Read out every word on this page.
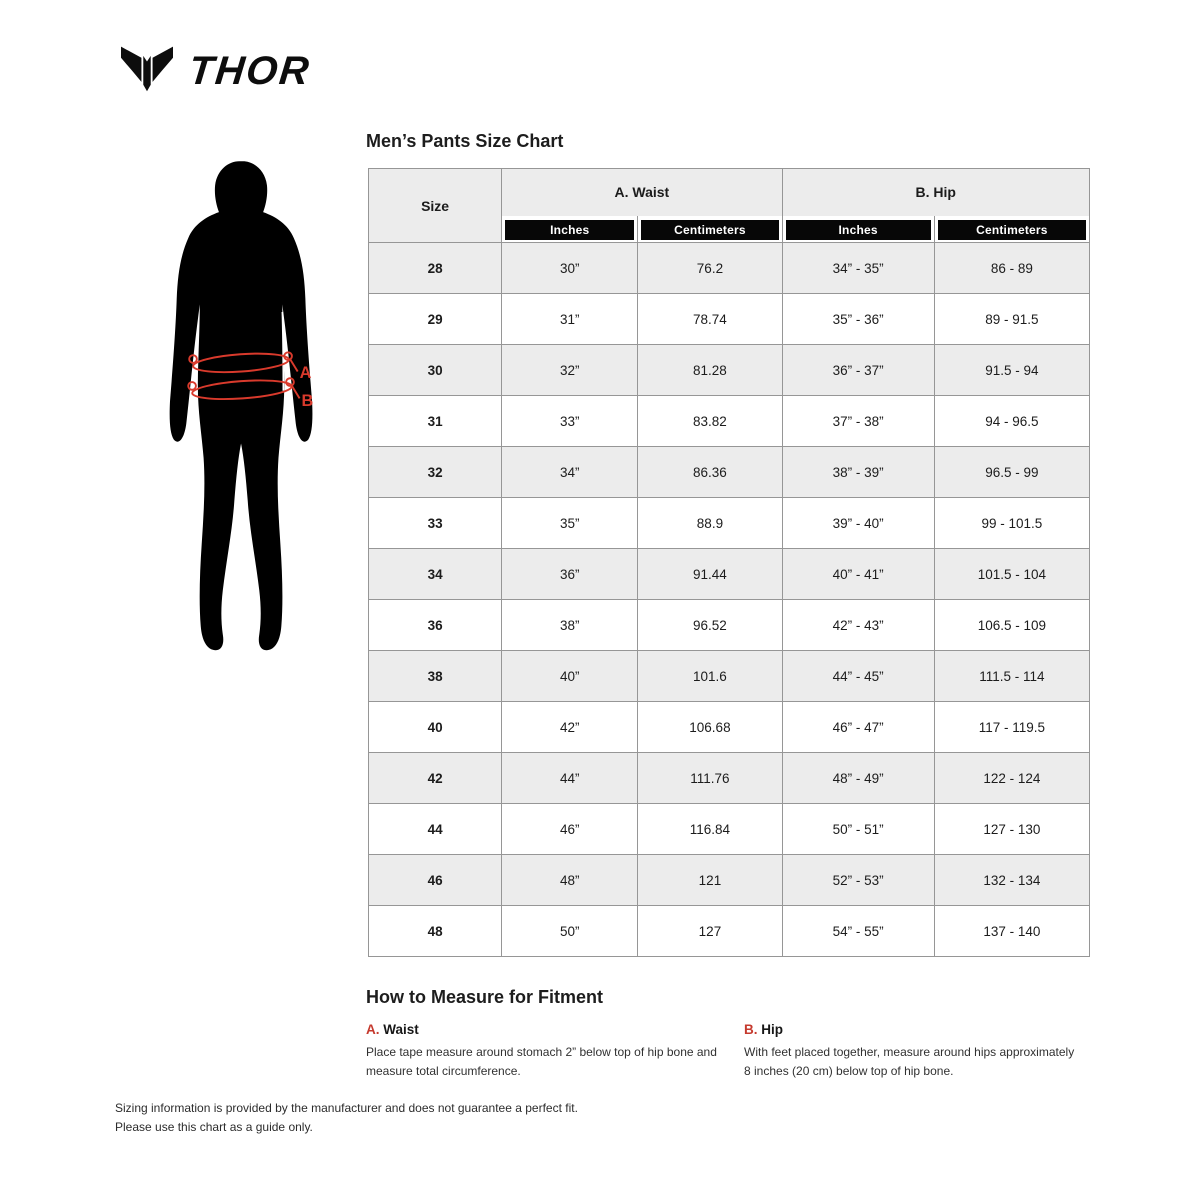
THOR
A
B
Men’s Pants Size Chart
Size	A. Waist		B. Hip	

	Inches	Centimeters	Inches	Centimeters

28	30”	76.2	34” - 35”	86 - 89
29	31”	78.74	35” - 36”	89 - 91.5
30	32”	81.28	36” - 37”	91.5 - 94
31	33”	83.82	37” - 38”	94 - 96.5
32	34”	86.36	38” - 39”	96.5 - 99
33	35”	88.9	39” - 40”	99 - 101.5
34	36”	91.44	40” - 41”	101.5 - 104
36	38”	96.52	42” - 43”	106.5 - 109
38	40”	101.6	44” - 45”	111.5 - 114
40	42”	106.68	46” - 47”	117 - 119.5
42	44”	111.76	48” - 49”	122 - 124
44	46”	116.84	50” - 51”	127 - 130
46	48”	121	52” - 53”	132 - 134
48	50”	127	54” - 55”	137 - 140
How to Measure for Fitment
A. Waist

Place tape measure around stomach 2” below top of hip bone and measure total circumference.

B. Hip

With feet placed together, measure around hips approximately 8 inches (20 cm) below top of hip bone.

Sizing information is provided by the manufacturer and does not guarantee a perfect fit.
Please use this chart as a guide only.
